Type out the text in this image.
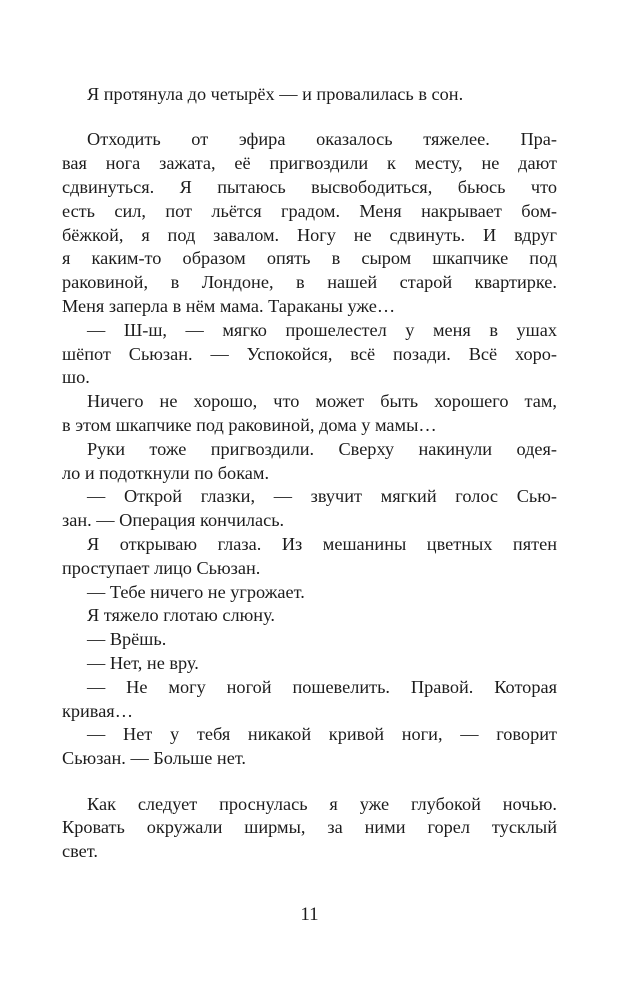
Я протянула до четырёх — и провалилась в сон.
Отходить от эфира оказалось тяжелее. Пра-
вая нога зажата, её пригвоздили к месту, не дают
сдвинуться. Я пытаюсь высвободиться, бьюсь что
есть сил, пот льётся градом. Меня накрывает бом-
бёжкой, я под завалом. Ногу не сдвинуть. И вдруг
я каким-то образом опять в сыром шкапчике под
раковиной, в Лондоне, в нашей старой квартирке.
Меня заперла в нём мама. Тараканы уже…
— Ш-ш, — мягко прошелестел у меня в ушах
шёпот Сьюзан. — Успокойся, всё позади. Всё хоро-
шо.
Ничего не хорошо, что может быть хорошего там,
в этом шкапчике под раковиной, дома у мамы…
Руки тоже пригвоздили. Сверху накинули одея-
ло и подоткнули по бокам.
— Открой глазки, — звучит мягкий голос Сью-
зан. — Операция кончилась.
Я открываю глаза. Из мешанины цветных пятен
проступает лицо Сьюзан.
— Тебе ничего не угрожает.
Я тяжело глотаю слюну.
— Врёшь.
— Нет, не вру.
— Не могу ногой пошевелить. Правой. Которая
кривая…
— Нет у тебя никакой кривой ноги, — говорит
Сьюзан. — Больше нет.
Как следует проснулась я уже глубокой ночью.
Кровать окружали ширмы, за ними горел тусклый
свет.
11
